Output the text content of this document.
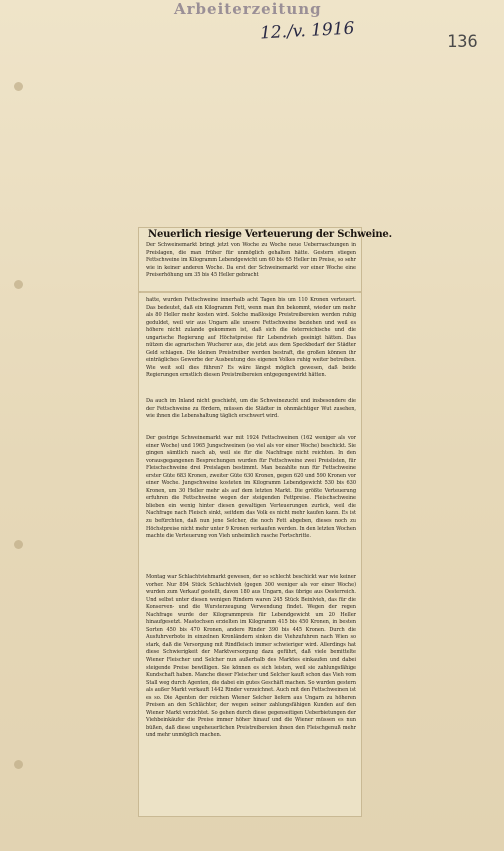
Arbeiterzeitung
12./v. 1916	136
Neuerlich riesige Verteuerung der Schweine.
Der Schweinemarkt bringt jetzt von Woche zu Woche neue Ueberraschungen in Preislagen, die man früher für unmöglich gehalten hätte. Gestern stiegen Fettschweine im Kilogramm Lebendgewicht um 60 bis 65 Heller im Preise, so sehr wie in keiner anderen Woche. Da erst der Schweinemarkt vor einer Woche eine Preiserhöhung um 35 bis 45 Heller gebracht
hatte, wurden Fettschweine innerhalb acht Tagen bis um 110 Kronen verteuert. Das bedeutet, daß ein Kilogramm Fett, wenn man ihn bekommt, wieder um mehr als 80 Heller mehr kosten wird. Solche maßlosige Preistreibereien werden ruhig geduldet, weil wir aus Ungarn alle unsere Fettschweine beziehen und weil es höhere nicht zulande gekommen ist, daß sich die österreichische und die ungarische Regierung auf Höchstpreise für Lebendvieh geeinigt hätten. Das nützen die agrarischen Wucherer aus, die jetzt aus dem Speckbedarf der Städter Geld schlagen. Die kleinen Preistreiber werden bestraft, die großen können ihr einträgliches Gewerbe der Ausbeutung des eigenen Volkes ruhig weiter betreiben. Wie weit soll dies führen? Es wäre längst möglich gewesen, daß beide Regierungen ernstlich diesen Preistreibereien entgegengewirkt hätten.
Da auch im Inland nicht geschieht, um die Schweinezucht und insbesondere die der Fettschweine zu fördern, müssen die Städter in ohnmächtiger Wut zusehen, wie ihnen die Lebenshaltung täglich erschwert wird.
Der gestrige Schweinemarkt war mit 1924 Fettschweinen (162 weniger als vor einer Woche) und 1965 Jungschweinen (so viel als vor einer Woche) beschickt. Sie gingen sämtlich rasch ab, weil sie für die Nachfrage nicht reichten. In den vorausgegangenen Besprechungen wurden für Fettschweine zwei Preislisten, für Fleischschweine drei Preislagen bestimmt. Man bezahlte nun für Fettschweine erster Güte 683 Kronen, zweiter Güte 630 Kronen, gegen 620 und 590 Kronen vor einer Woche. Jungschweine kosteten im Kilogramm Lebendgewicht 530 bis 630 Kronen, um 30 Heller mehr als auf dem letzten Markt. Die größte Verteuerung erfuhren die Fettschweine wegen der steigenden Fettpreise. Fleischschweine blieben ein wenig hinter diesen gewaltigen Verteuerungen zurück, weil die Nachfrage nach Fleisch sinkt, seitdem das Volk es nicht mehr kaufen kann. Es ist zu befürchten, daß nun jene Selcher, die noch Fett abgeben, dieses noch zu Höchstpreise nicht mehr unter 9 Kronen verkaufen werden. In den letzten Wochen machte die Verteuerung von Vieh unheimlich rasche Fortschritte.
Montag war Schlachtviehmarkt gewesen, der so schlecht beschickt war wie keiner vorher. Nur 894 Stück Schlachtvieh (gegen 300 weniger als vor einer Woche) wurden zum Verkauf gestellt, davon 180 aus Ungarn, das übrige aus Oesterreich. Und selbst unter diesen wenigen Rindern waren 245 Stück Beinlvieh, das für die Konserven- und die Wursterzeugung Verwendung findet. Wegen der regen Nachfrage wurde der Kilogrammpreis für Lebendgewicht um 20 Heller hinaufgesetzt. Mastochsen erzielten im Kilogramm 415 bis 450 Kronen, in besten Sorten 450 bis 470 Kronen, andere Rinder 390 bis 445 Kronen. Durch die Ausfuhrverbote in einzelnen Kronländern sinken die Viehzufuhren nach Wien so stark, daß die Versorgung mit Rindfleisch immer schwieriger wird. Allerdings hat diese Schwierigkeit der Marktversorgung dazu geführt, daß viele bemittelte Wiener Fleischer und Selcher nun außerhalb des Marktes einkaufen und dabei steigende Preise bewilligen. Sie können es sich leisten, weil sie zahlungsfähige Kundschaft haben. Manche dieser Fleischer und Selcher kauft schon das Vieh vom Stall weg durch Agenten, die dabei ein gutes Geschäft machen. So wurden gestern als außer Markt verkauft 1442 Rinder verzeichnet. Auch mit den Fettschweinen ist es so. Die Agenten der reichen Wiener Selcher liefern aus Ungarn zu höheren Preisen an den Schlächter, der wegen seiner zahlungsfähigen Kunden auf den Wiener Markt verzichtet. So gehen durch diese gegenseitigen Ueberbietungen der Viehbeinkäufer die Preise immer höher hinauf und die Wiener müssen es nun büßen, daß diese ungeheuerlichen Preistreibereien ihnen den Fleischgenuß mehr und mehr unmöglich machen.
